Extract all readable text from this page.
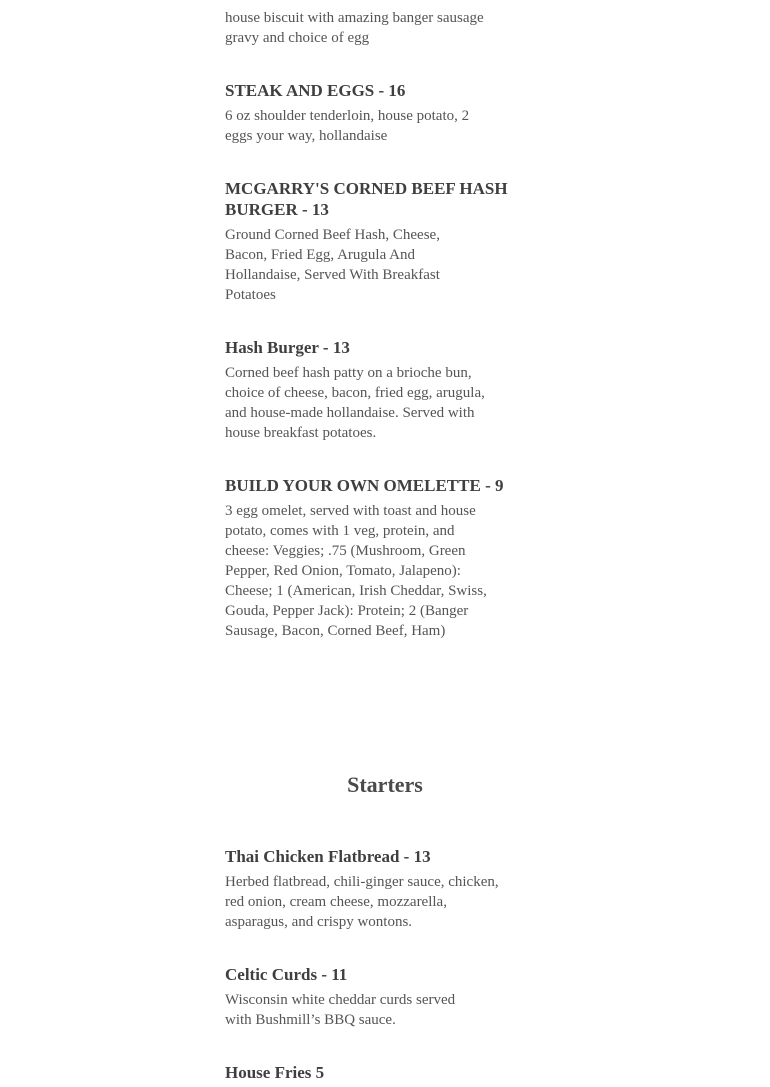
house biscuit with amazing banger sausage gravy and choice of egg

STEAK AND EGGS - 16

6 oz shoulder tenderloin, house potato, 2 eggs your way, hollandaise

MCGARRY'S CORNED BEEF HASH BURGER - 13

Ground Corned Beef Hash, Cheese, Bacon, Fried Egg, Arugula And Hollandaise, Served With Breakfast Potatoes

Hash Burger - 13

Corned beef hash patty on a brioche bun, choice of cheese, bacon, fried egg, arugula, and house-made hollandaise. Served with house breakfast potatoes.

BUILD YOUR OWN OMELETTE - 9

3 egg omelet, served with toast and house potato, comes with 1 veg, protein, and cheese: Veggies; .75 (Mushroom, Green Pepper, Red Onion, Tomato, Jalapeno): Cheese; 1 (American, Irish Cheddar, Swiss, Gouda, Pepper Jack): Protein; 2 (Banger Sausage, Bacon, Corned Beef, Ham)

Thai Chicken Flatbread - 13

Herbed flatbread, chili-ginger sauce, chicken, red onion, cream cheese, mozzarella, asparagus, and crispy wontons.

Celtic Curds - 11

Wisconsin white cheddar curds served with Bushmill’s BBQ sauce.

House Fries 5

Starters
